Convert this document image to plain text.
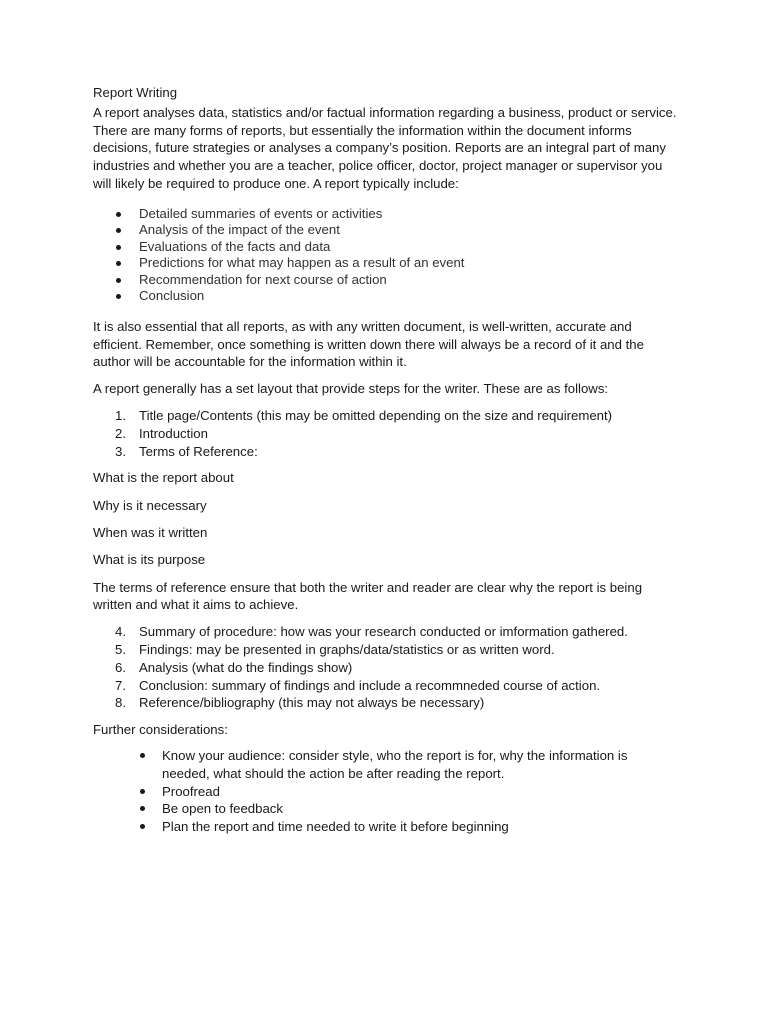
Report Writing

A report analyses data, statistics and/or factual information regarding a business, product or service. There are many forms of reports, but essentially the information within the document informs decisions, future strategies or analyses a company’s position. Reports are an integral part of many industries and whether you are a teacher, police officer, doctor, project manager or supervisor you will likely be required to produce one. A report typically include:

Detailed summaries of events or activities
Analysis of the impact of the event
Evaluations of the facts and data
Predictions for what may happen as a result of an event
Recommendation for next course of action
Conclusion

It is also essential that all reports, as with any written document, is well-written, accurate and efficient. Remember, once something is written down there will always be a record of it and the author will be accountable for the information within it.

A report generally has a set layout that provide steps for the writer. These are as follows:

1. Title page/Contents (this may be omitted depending on the size and requirement)
2. Introduction
3. Terms of Reference:

What is the report about

Why is it necessary

When was it written

What is its purpose

The terms of reference ensure that both the writer and reader are clear why the report is being written and what it aims to achieve.

4. Summary of procedure: how was your research conducted or imformation gathered.
5. Findings: may be presented in graphs/data/statistics or as written word.
6. Analysis (what do the findings show)
7. Conclusion: summary of findings and include a recommneded course of action.
8. Reference/bibliography (this may not always be necessary)

Further considerations:

Know your audience: consider style, who the report is for, why the information is needed, what should the action be after reading the report.
Proofread
Be open to feedback
Plan the report and time needed to write it before beginning
